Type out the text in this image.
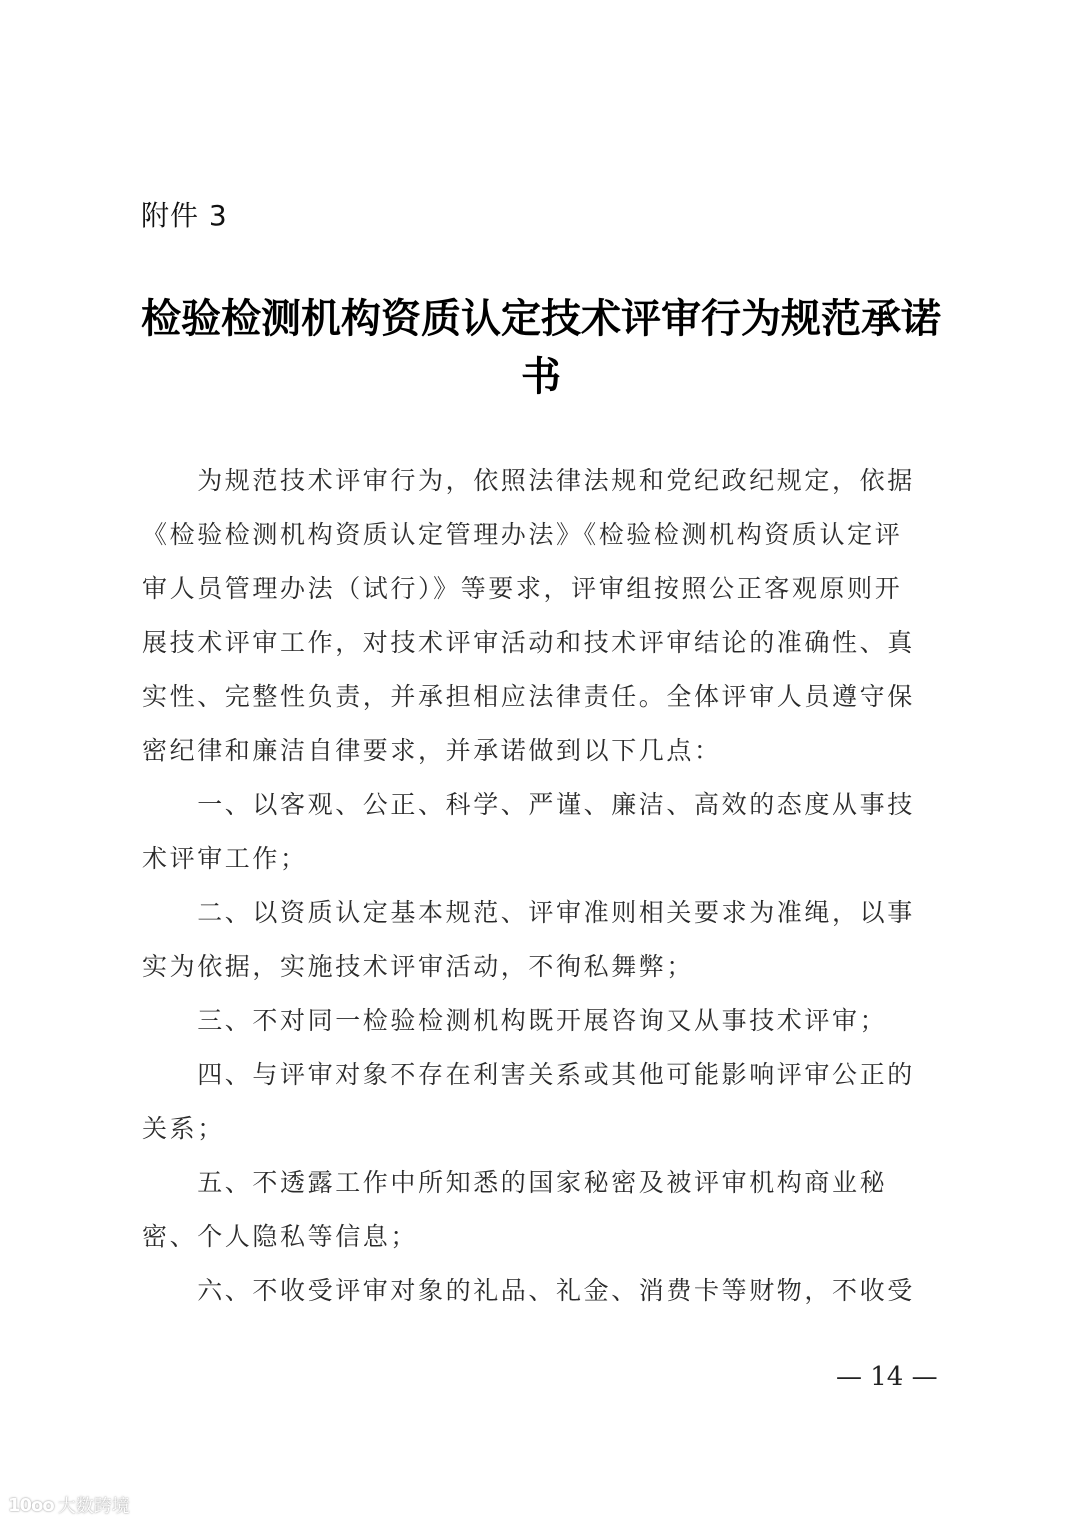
附件 3
检验检测机构资质认定技术评审行为规范承诺
书
　　为规范技术评审行为，依照法律法规和党纪政纪规定，依据
《检验检测机构资质认定管理办法》《检验检测机构资质认定评
审人员管理办法（试行）》等要求，评审组按照公正客观原则开
展技术评审工作，对技术评审活动和技术评审结论的准确性、真
实性、完整性负责，并承担相应法律责任。全体评审人员遵守保
密纪律和廉洁自律要求，并承诺做到以下几点：
　　一、以客观、公正、科学、严谨、廉洁、高效的态度从事技
术评审工作；
　　二、以资质认定基本规范、评审准则相关要求为准绳，以事
实为依据，实施技术评审活动，不徇私舞弊；
　　三、不对同一检验检测机构既开展咨询又从事技术评审；
　　四、与评审对象不存在利害关系或其他可能影响评审公正的
关系；
　　五、不透露工作中所知悉的国家秘密及被评审机构商业秘
密、个人隐私等信息；
　　六、不收受评审对象的礼品、礼金、消费卡等财物，不收受
— 14 —
10oo 大数跨境
